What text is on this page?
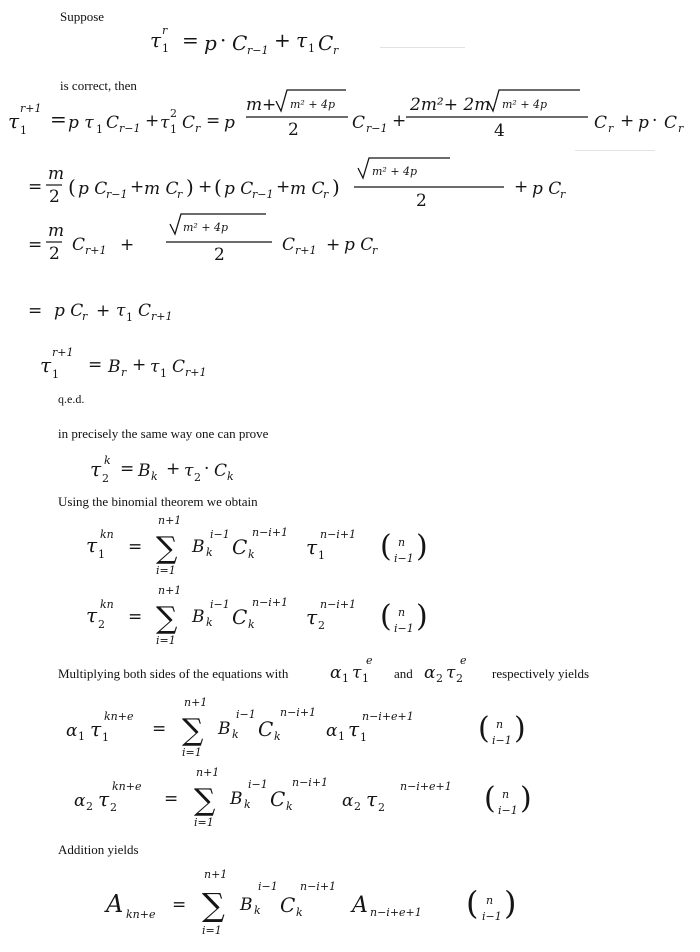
Suppose
τ 1
r = p · C r−1 + τ 1 C r
is correct, then
τ 1
r+1 = p τ 1 C r−1 + τ 1
2 C r = p
m + m² + 4p
2	C r−1 +
2m²+ 2m m² + 4p
4	C r + p · C r
=
m
2 ( p C
r−1 + m C
r ) + ( p C
r−1 + m C
r )
m² + 4p
2
+ p C
r
=
m
2 C r+1 +
m² + 4p
2	C r+1 + p C
r
= p C
r + τ 1 C r+1
τ 1
r+1
= B r + τ 1 C r+1
q.e.d.
in precisely the same way one can prove
τ 2
k = B k + τ 2 · C k
Using the binomial theorem we obtain
τ 1
kn
=
n+1
∑
i=1
B k
i−1
C k
n−i+1
τ 1
n−i+1 ( n
i−1 )
τ 2
kn
=
n+1
∑
i=1
B k
i−1
C k
n−i+1
τ 2
n−i+1 ( n
i−1 )
Multiplying both sides of the equations with α 1 τ 1
e
and α 2 τ 2
e
respectively yields
α 1 τ 1
kn+e
=
n+1
∑
i=1
B k
i−1
C k
n−i+1
α 1 τ 1
n−i+e+1 ( n
i−1 )
α 2 τ 2
kn+e
=
n+1
∑
i=1
B k
i−1
C k
n−i+1
α 2 τ 2
n−i+e+1 ( n
i−1 )
Addition yields
A kn+e =
n+1
∑
i=1
B k
i−1
C k
n−i+1
A n−i+e+1 ( n
i−1 )
